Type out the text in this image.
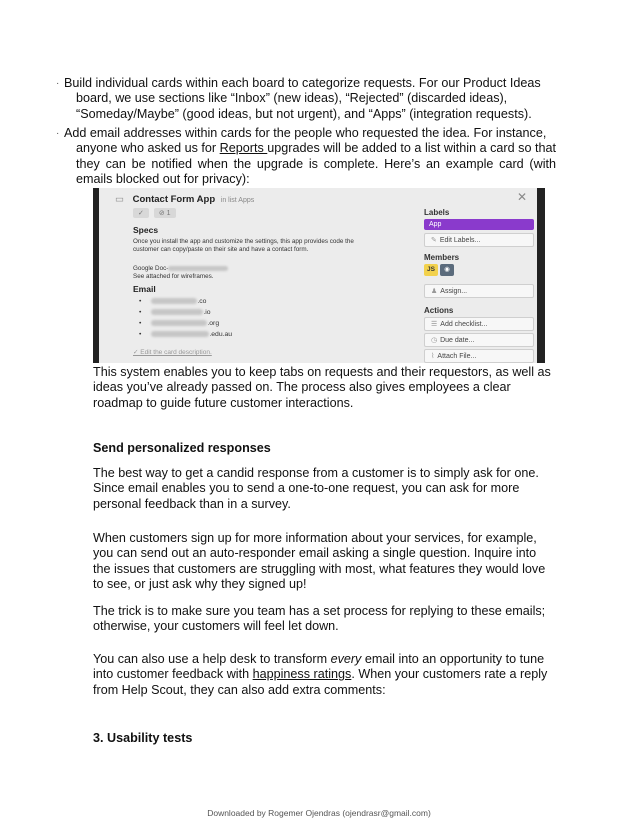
· Build individual cards within each board to categorize requests. For our Product Ideas
board, we use sections like “Inbox” (new ideas), “Rejected” (discarded ideas), “Someday/Maybe” (good ideas, but not urgent), and “Apps” (integration requests).
· Add email addresses within cards for the people who requested the idea. For instance,
anyone who asked us for Reports upgrades will be added to a list within a card so that they can be notified when the upgrade is complete. Here’s an example card (with emails blocked out for privacy):
▭ Contact Form App in list Apps	✕
✓ ⊘ 1
Specs
Once you install the app and customize the settings, this app provides code the customer can copy/paste on their site and have a contact form.
Google Doc-
See attached for wireframes.
Email
•	.co
•	.io
•	.org
•	.edu.au
✓ Edit the card description.
Labels
App
✎ Edit Labels...
Members
JS ◉
♟ Assign...
Actions
☰ Add checklist...
◷ Due date...
⌇ Attach File...
This system enables you to keep tabs on requests and their requestors, as well as ideas you’ve already passed on. The process also gives employees a clear roadmap to guide future customer interactions.
Send personalized responses
The best way to get a candid response from a customer is to simply ask for one. Since email enables you to send a one-to-one request, you can ask for more personal feedback than in a survey.
When customers sign up for more information about your services, for example, you can send out an auto-responder email asking a single question. Inquire into the issues that customers are struggling with most, what features they would love to see, or just ask why they signed up!
The trick is to make sure you team has a set process for replying to these emails; otherwise, your customers will feel let down.
You can also use a help desk to transform every email into an opportunity to tune into customer feedback with happiness ratings. When your customers rate a reply from Help Scout, they can also add extra comments:
3. Usability tests
Downloaded by Rogemer Ojendras (ojendrasr@gmail.com)
